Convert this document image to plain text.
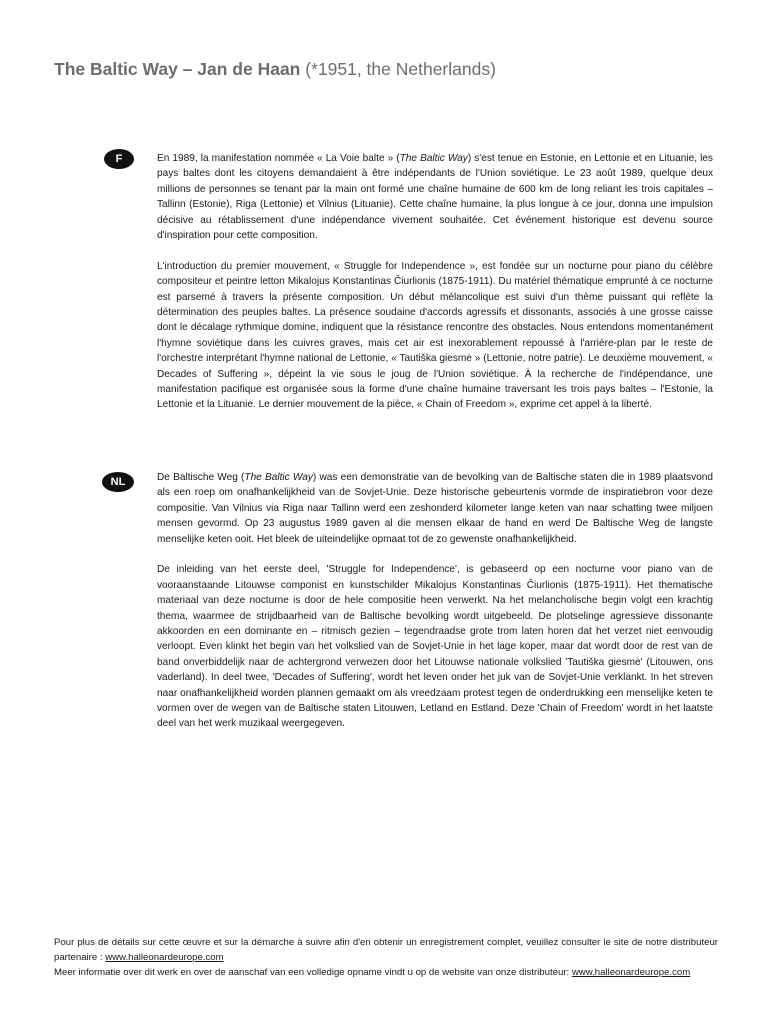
The Baltic Way – Jan de Haan (*1951, the Netherlands)
F	En 1989, la manifestation nommée « La Voie balte » (The Baltic Way) s'est tenue en Estonie, en Lettonie et en Lituanie, les pays baltes dont les citoyens demandaient à être indépendants de l'Union soviétique. Le 23 août 1989, quelque deux millions de personnes se tenant par la main ont formé une chaîne humaine de 600 km de long reliant les trois capitales – Tallinn (Estonie), Riga (Lettonie) et Vilnius (Lituanie). Cette chaîne humaine, la plus longue à ce jour, donna une impulsion décisive au rétablissement d'une indépendance vivement souhaitée. Cet événement historique est devenu source d'inspiration pour cette composition.

L'introduction du premier mouvement, « Struggle for Independence », est fondée sur un nocturne pour piano du célèbre compositeur et peintre letton Mikalojus Konstantinas Čiurlionis (1875-1911). Du matériel thématique emprunté à ce nocturne est parsemé à travers la présente composition. Un début mélancolique est suivi d'un thème puissant qui reflète la détermination des peuples baltes. La présence soudaine d'accords agressifs et dissonants, associés à une grosse caisse dont le décalage rythmique domine, indiquent que la résistance rencontre des obstacles. Nous entendons momentanément l'hymne soviétique dans les cuivres graves, mais cet air est inexorablement repoussé à l'arrière-plan par le reste de l'orchestre interprétant l'hymne national de Lettonie, « Tautiška giesmė » (Lettonie, notre patrie). Le deuxième mouvement, « Decades of Suffering », dépeint la vie sous le joug de l'Union soviétique. À la recherche de l'indépendance, une manifestation pacifique est organisée sous la forme d'une chaîne humaine traversant les trois pays baltes – l'Estonie, la Lettonie et la Lituanie. Le dernier mouvement de la pièce, « Chain of Freedom », exprime cet appel à la liberté.

NL	De Baltische Weg (The Baltic Way) was een demonstratie van de bevolking van de Baltische staten die in 1989 plaatsvond als een roep om onafhankelijkheid van de Sovjet-Unie. Deze historische gebeurtenis vormde de inspiratiebron voor deze compositie. Van Vilnius via Riga naar Tallinn werd een zeshonderd kilometer lange keten van naar schatting twee miljoen mensen gevormd. Op 23 augustus 1989 gaven al die mensen elkaar de hand en werd De Baltische Weg de langste menselijke keten ooit. Het bleek de uiteindelijke opmaat tot de zo gewenste onafhankelijkheid.

De inleiding van het eerste deel, 'Struggle for Independence', is gebaseerd op een nocturne voor piano van de vooraanstaande Litouwse componist en kunstschilder Mikalojus Konstantinas Čiurlionis (1875-1911). Het thematische materiaal van deze nocturne is door de hele compositie heen verwerkt. Na het melancholische begin volgt een krachtig thema, waarmee de strijdbaarheid van de Baltische bevolking wordt uitgebeeld. De plotselinge agressieve dissonante akkoorden en een dominante en – ritmisch gezien – tegendraadse grote trom laten horen dat het verzet niet eenvoudig verloopt. Even klinkt het begin van het volkslied van de Sovjet-Unie in het lage koper, maar dat wordt door de rest van de band onverbiddelijk naar de achtergrond verwezen door het Litouwse nationale volkslied 'Tautiška giesmė' (Litouwen, ons vaderland). In deel twee, 'Decades of Suffering', wordt het leven onder het juk van de Sovjet-Unie verklankt. In het streven naar onafhankelijkheid worden plannen gemaakt om als vreedzaam protest tegen de onderdrukking een menselijke keten te vormen over de wegen van de Baltische staten Litouwen, Letland en Estland. Deze 'Chain of Freedom' wordt in het laatste deel van het werk muzikaal weergegeven.

Pour plus de détails sur cette œuvre et sur la démarche à suivre afin d'en obtenir un enregistrement complet, veuillez consulter le site de notre distributeur partenaire : www.halleonardeurope.com

Meer informatie over dit werk en over de aanschaf van een volledige opname vindt u op de website van onze distributeur: www.halleonardeurope.com
